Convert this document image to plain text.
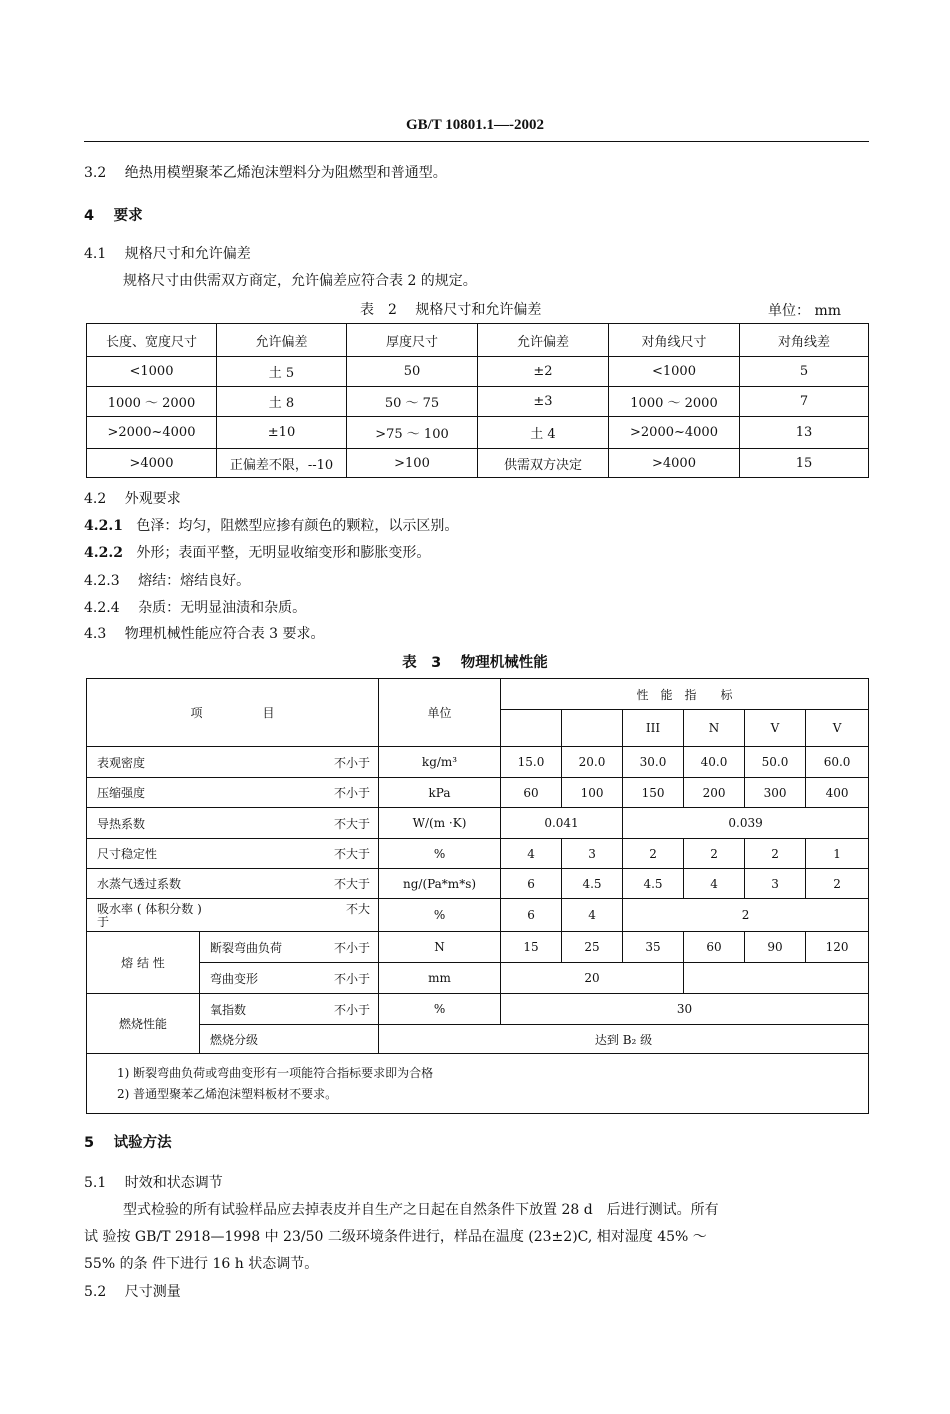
GB/T 10801.1—-2002
3.2　 绝热用模塑聚苯乙烯泡沫塑料分为阻燃型和普通型。
4　 要求
4.1　 规格尺寸和允许偏差
规格尺寸由供需双方商定，允许偏差应符合表 2 的规定。
表　2　 规格尺寸和允许偏差	单位： mm
长度、宽度尺寸	允许偏差	厚度尺寸	允许偏差	对角线尺寸	对角线差
<1000	土 5	50	±2	<1000	5
1000 ～ 2000	土 8	50 ～ 75	±3	1000 ～ 2000	7
>2000~4000	±10	>75 ～ 100	土 4	>2000~4000	13
>4000	正偏差不限，--10	>100	供需双方决定	>4000	15
4.2　 外观要求
4.2.1 色泽：均匀，阻燃型应掺有颜色的颗粒，以示区别。
4.2.2 外形；表面平整，无明显收缩变形和膨胀变形。
4.2.3　 熔结：熔结良好。
4.2.4　 杂质：无明显油渍和杂质。
4.3　 物理机械性能应符合表 3 要求。
表　3　 物理机械性能
项　　　　　目		单位	性　能　指　　标					
					III	N	V	V

表观密度 不小于		kg/m³	15.0	20.0	30.0	40.0	50.0	60.0

压缩强度 不小于		kPa	60	100	150	200	300	400

导热系数 不大于		W/(m ·K)	0.041		0.039			

尺寸稳定性 不大于		%	4	3	2	2	2	1

水蒸气透过系数 不大于		ng/(Pa*m*s)	6	4.5	4.5	4	3	2

吸水率 ( 体积分数 ) 不大
于		%	6	4	2			
熔 结 性	断裂弯曲负荷 不小于	N	15	25	35	60	90	120

	弯曲变形 不小于	mm	20					
燃烧性能	氧指数 不小于	%	30					
	燃烧分级	达到 B₂ 级						

1) 断裂弯曲负荷或弯曲变形有一项能符合指标要求即为合格
2) 普通型聚苯乙烯泡沫塑料板材不要求。								
5　 试验方法
5.1　 时效和状态调节
型式检验的所有试验样品应去掉表皮并自生产之日起在自然条件下放置 28 d　后进行测试。所有
试 验按 GB/T 2918—1998 中 23/50 二级环境条件进行，样品在温度 (23±2)C, 相对湿度 45% ～
55% 的条 件下进行 16 h 状态调节。
5.2　 尺寸测量
